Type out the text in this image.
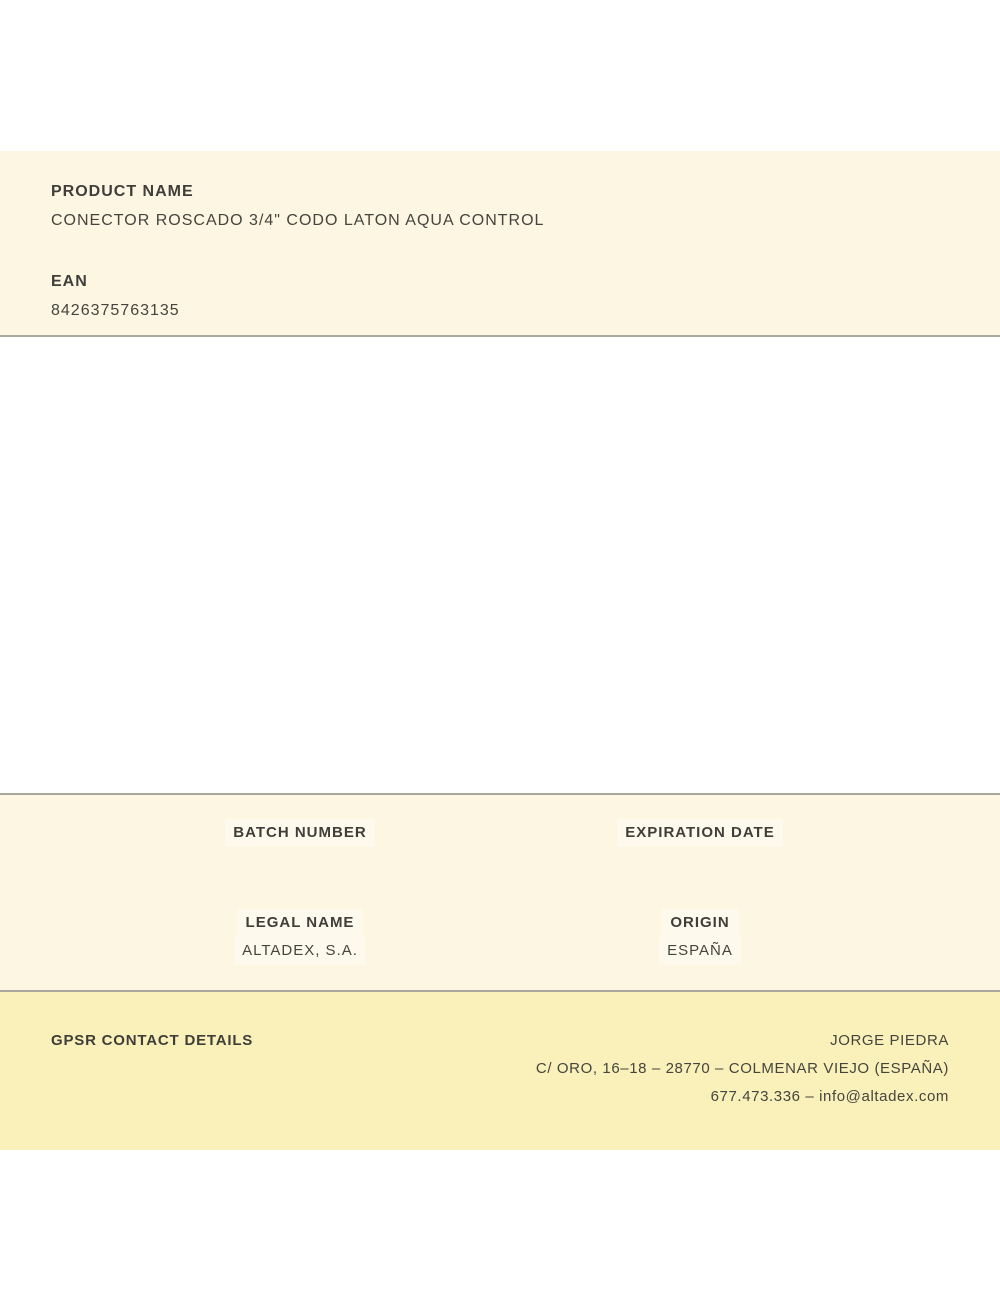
PRODUCT NAME
CONECTOR ROSCADO 3/4" CODO LATON AQUA CONTROL
EAN
8426375763135
BATCH NUMBER
LEGAL NAME
ALTADEX, S.A.
EXPIRATION DATE
ORIGIN
ESPAÑA
GPSR CONTACT DETAILS	JORGE PIEDRA
C/ ORO, 16–18 – 28770 – COLMENAR VIEJO (ESPAÑA)
677.473.336 – info@altadex.com
